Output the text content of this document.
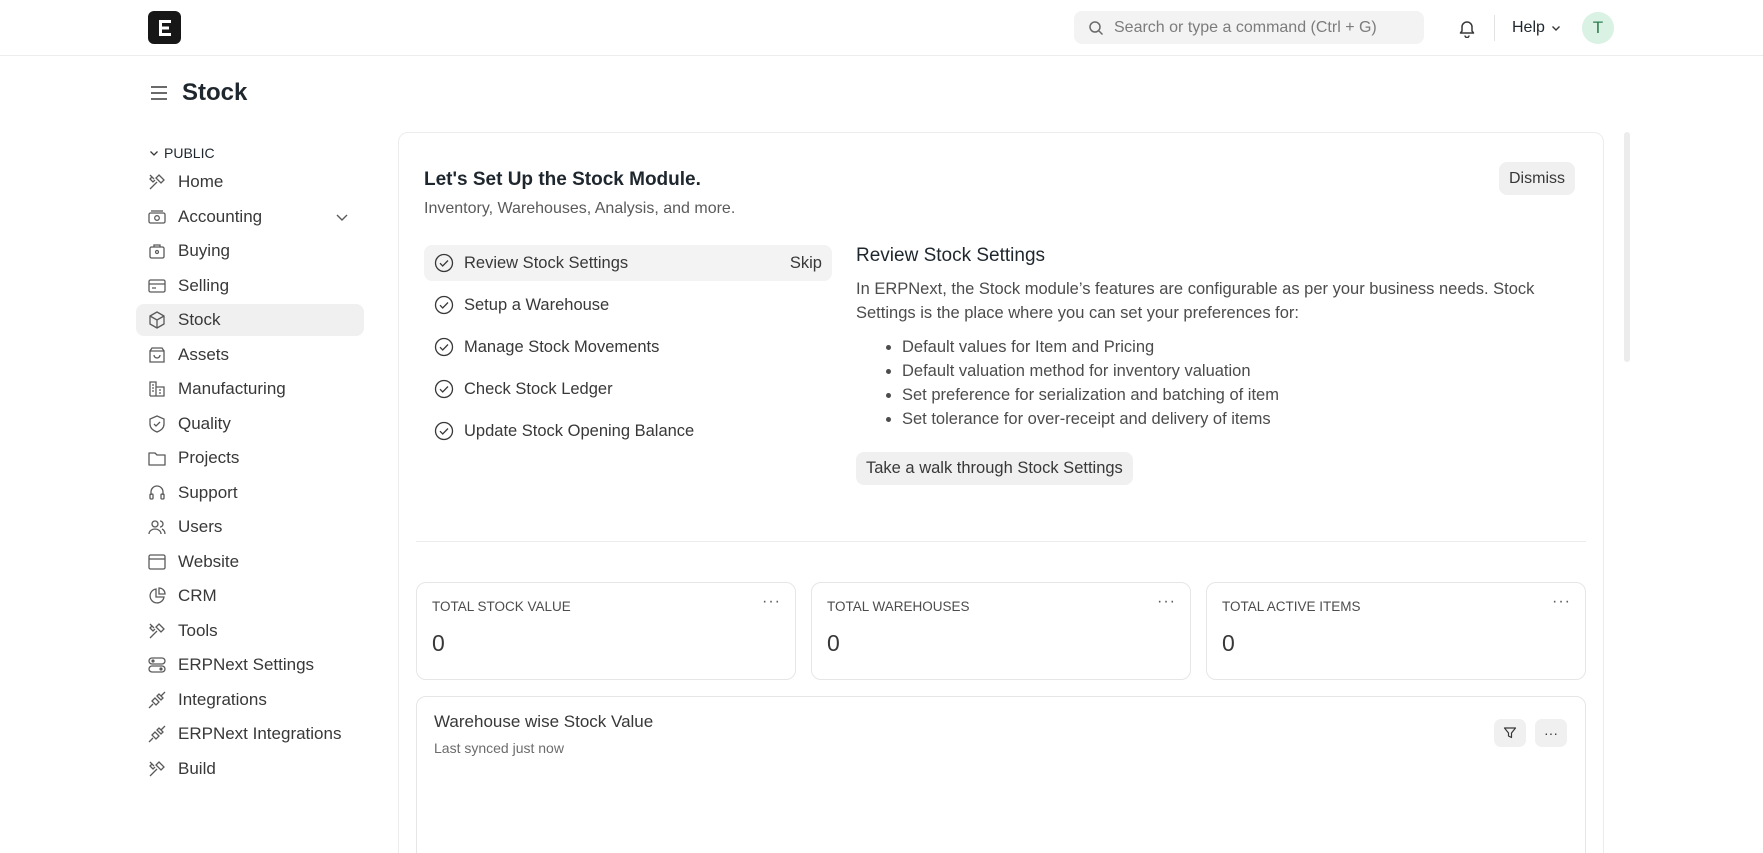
Search or type a command (Ctrl + G)
Help	T
Stock
PUBLIC
Home
Accounting
Buying
Selling
Stock
Assets
Manufacturing
Quality
Projects
Support
Users
Website
CRM
Tools
ERPNext Settings
Integrations
ERPNext Integrations
Build
Let's Set Up the Stock Module.
Inventory, Warehouses, Analysis, and more.
Dismiss
Review Stock Settings	Skip
Setup a Warehouse
Manage Stock Movements
Check Stock Ledger
Update Stock Opening Balance
Review Stock Settings
In ERPNext, the Stock module’s features are configurable as per your business needs. Stock Settings is the place where you can set your preferences for:
• Default values for Item and Pricing
• Default valuation method for inventory valuation
• Set preference for serialization and batching of item
• Set tolerance for over-receipt and delivery of items
Take a walk through Stock Settings
TOTAL STOCK VALUE	···
0
TOTAL WAREHOUSES	···
0
TOTAL ACTIVE ITEMS	···
0
Warehouse wise Stock Value
Last synced just now
···
